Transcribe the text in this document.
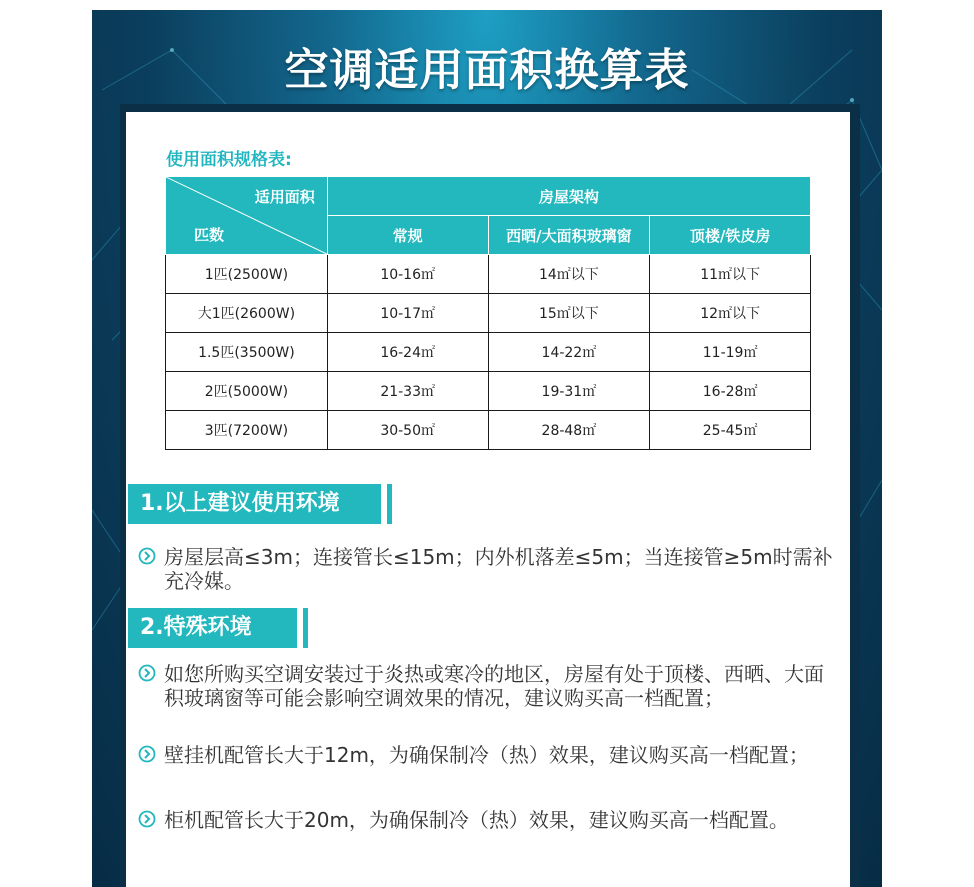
空调适用面积换算表
使用面积规格表:
适用面积
匹数	房屋架构		
	常规	西晒/大面积玻璃窗	顶楼/铁皮房
1匹(2500W)	10-16㎡	14㎡以下	11㎡以下
大1匹(2600W)	10-17㎡	15㎡以下	12㎡以下
1.5匹(3500W)	16-24㎡	14-22㎡	11-19㎡
2匹(5000W)	21-33㎡	19-31㎡	16-28㎡
3匹(7200W)	30-50㎡	28-48㎡	25-45㎡
1.以上建议使用环境
房屋层高≤3m；连接管长≤15m；内外机落差≤5m；当连接管≥5m时需补充冷媒。
2.特殊环境
如您所购买空调安装过于炎热或寒冷的地区，房屋有处于顶楼、西晒、大面积玻璃窗等可能会影响空调效果的情况，建议购买高一档配置；
壁挂机配管长大于12m，为确保制冷（热）效果，建议购买高一档配置；
柜机配管长大于20m，为确保制冷（热）效果，建议购买高一档配置。
